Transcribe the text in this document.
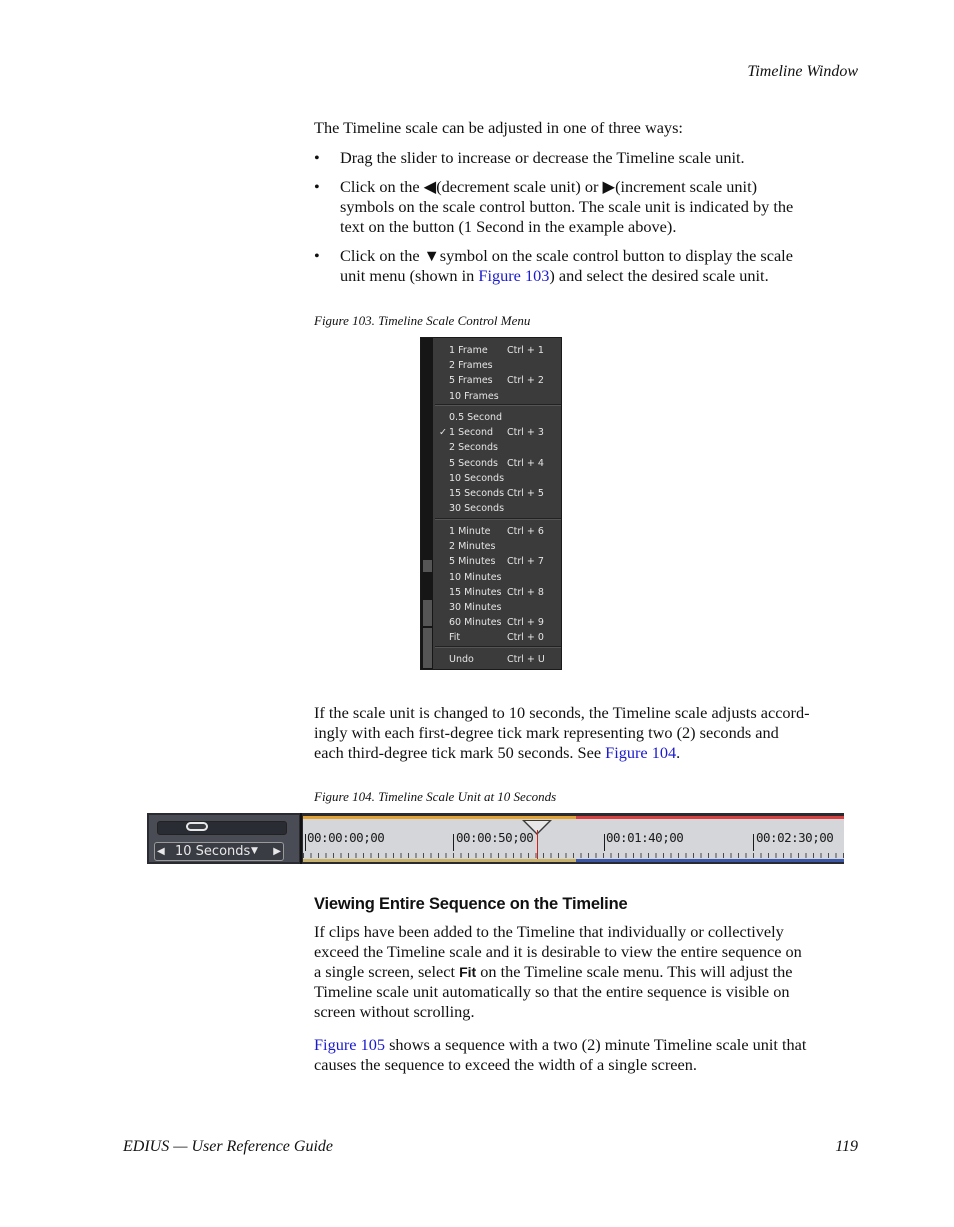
Timeline Window
The Timeline scale can be adjusted in one of three ways:
• Drag the slider to increase or decrease the Timeline scale unit.
• Click on the ◀(decrement scale unit) or ▶(increment scale unit)
symbols on the scale control button. The scale unit is indicated by the
text on the button (1 Second in the example above).
• Click on the ▼symbol on the scale control button to display the scale
unit menu (shown in Figure 103) and select the desired scale unit.
Figure 103. Timeline Scale Control Menu
1 Frame Ctrl + 1
2 Frames
5 Frames Ctrl + 2
10 Frames
0.5 Second
✓ 1 Second Ctrl + 3
2 Seconds
5 Seconds Ctrl + 4
10 Seconds
15 Seconds Ctrl + 5
30 Seconds
1 Minute Ctrl + 6
2 Minutes
5 Minutes Ctrl + 7
10 Minutes
15 Minutes Ctrl + 8
30 Minutes
60 Minutes Ctrl + 9
Fit	Ctrl + 0
Undo	Ctrl + U
If the scale unit is changed to 10 seconds, the Timeline scale adjusts accord-
ingly with each first-degree tick mark representing two (2) seconds and
each third-degree tick mark 50 seconds. See Figure 104.
Figure 104. Timeline Scale Unit at 10 Seconds
◀ 10 Seconds ▼ ▶
00:00:00;00	00:00:50;00	00:01:40;00	00:02:30;00
Viewing Entire Sequence on the Timeline
If clips have been added to the Timeline that individually or collectively
exceed the Timeline scale and it is desirable to view the entire sequence on
a single screen, select Fit on the Timeline scale menu. This will adjust the
Timeline scale unit automatically so that the entire sequence is visible on
screen without scrolling.
Figure 105 shows a sequence with a two (2) minute Timeline scale unit that
causes the sequence to exceed the width of a single screen.
EDIUS — User Reference Guide	119
